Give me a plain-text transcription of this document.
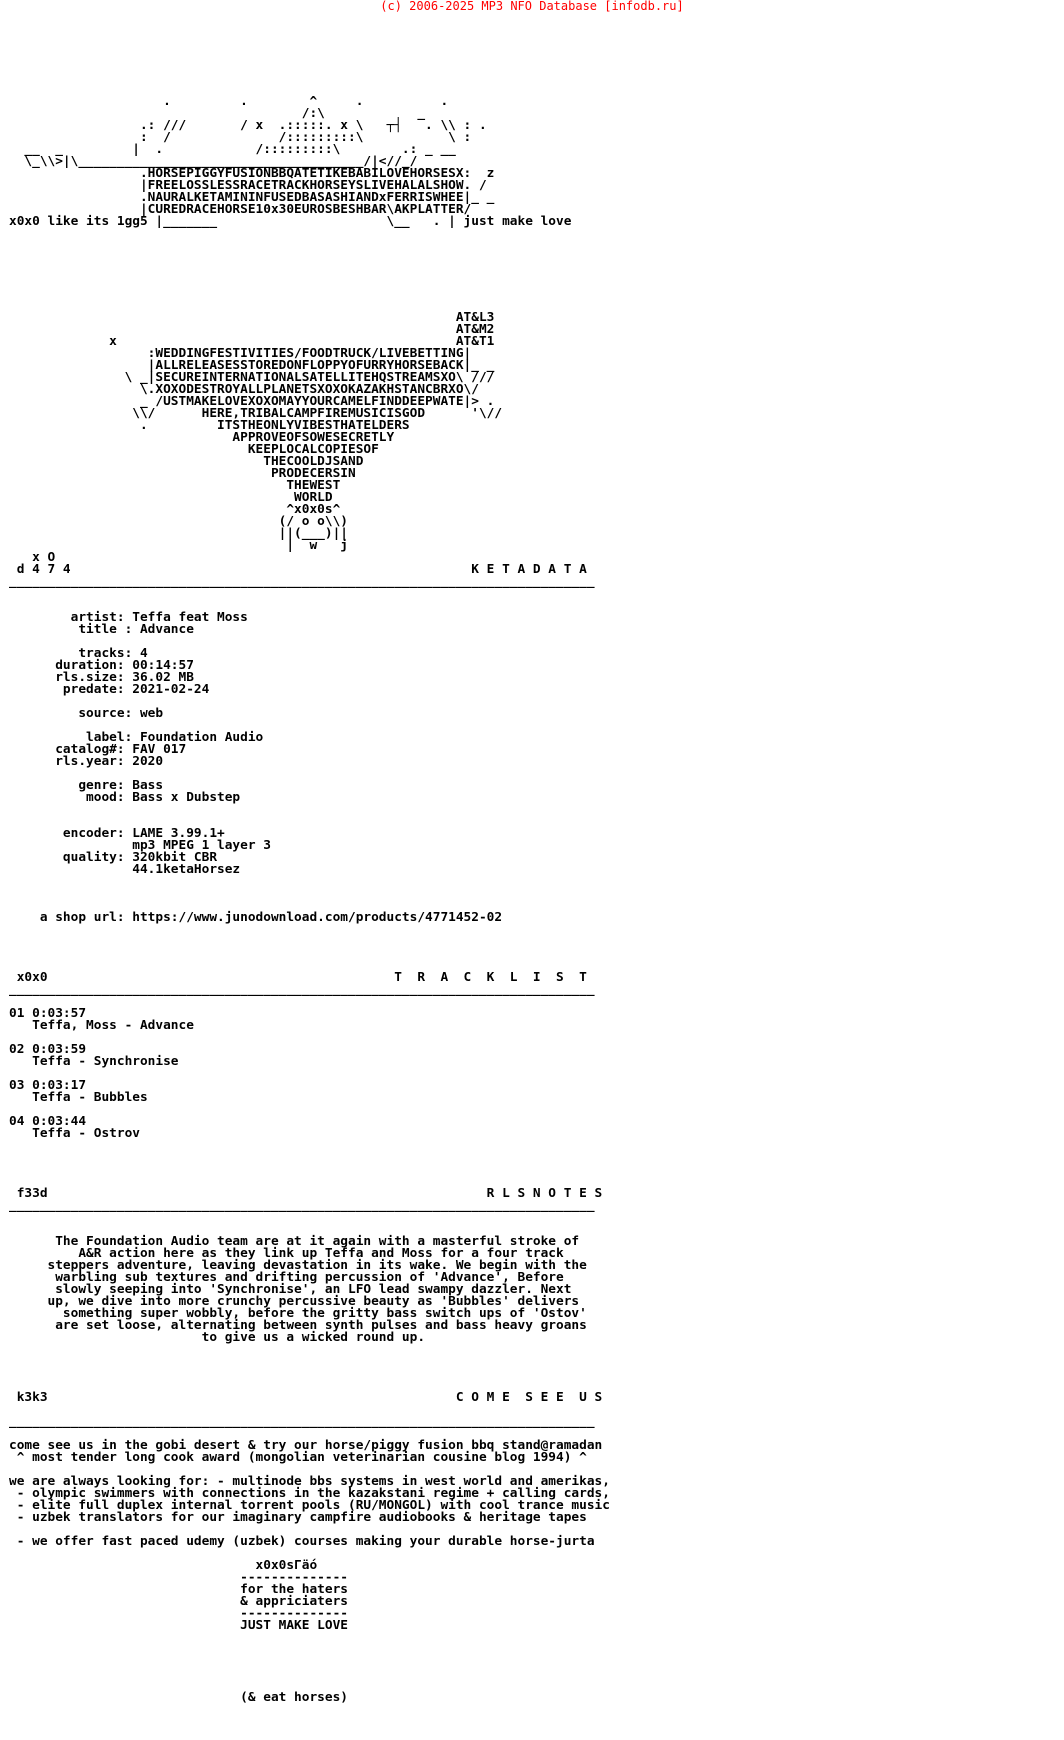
(c) 2006-2025 MP3 NFO Database [infodb.ru]

.         .        ^     .          .
/:\            _
.: ///       / x  .:::::. x \   ┬┤   . \\ : .
:  /              /:::::::::\           \ :
__  _         |  .            /:::::::::\        .: _ __
\_\\>|\_____________________________________/|<//_/
.HORSEPIGGYFUSIONBBQATETIKEBABILOVEHORSESX:  z
|FREELOSSLESSRACETRACKHORSEYSLIVEHALALSHOW. /
.NAURALKETAMININFUSEDBASASHIANDxFERRISWHEE|_ _
|CUREDRACEHORSE10x30EUROSBESHBAR\AKPLATTER/
x0x0 like its 1gg5 |_______                      \__   . | just make love

AT&L3
AT&M2
x                                            AT&T1
:WEDDINGFESTIVITIES/FOODTRUCK/LIVEBETTING|
|ALLRELEASESSTOREDONFLOPPYOFURRYHORSEBACK|_ _
\ _|SECUREINTERNATIONALSATELLITEHQSTREAMSXO\ ///
\.XOXODESTROYALLPLANETSXOXOKAZAKHSTANCBRXO\/
_ /USTMAKELOVEXOXOMAYYOURCAMELFINDDEEPWATE|> .
\\/      HERE,TRIBALCAMPFIREMUSICISGOD      '\//
.         ITSTHEONLYVIBESTHATELDERS
APPROVEOFSOWESECRETLY
KEEPLOCALCOPIESOF
THECOOLDJSAND
PRODECERSIN
THEWEST
WORLD
^x0x0s^
(/ o o\\)
||(___)||
|  w   j
x O
d 4 7 4                                                    K E T A D A T A
____________________________________________________________________________

artist: Teffa feat Moss
title : Advance

tracks: 4
duration: 00:14:57
rls.size: 36.02 MB
predate: 2021-02-24

source: web

label: Foundation Audio
catalog#: FAV 017
rls.year: 2020

genre: Bass
mood: Bass x Dubstep

encoder: LAME 3.99.1+
mp3 MPEG 1 layer 3
quality: 320kbit CBR
44.1ketaHorsez

a shop url: https://www.junodownload.com/products/4771452-02

x0x0                                             T  R  A  C  K  L  I  S  T
____________________________________________________________________________

01 0:03:57
Teffa, Moss - Advance

02 0:03:59
Teffa - Synchronise

03 0:03:17
Teffa - Bubbles

04 0:03:44
Teffa - Ostrov

f33d                                                         R L S N O T E S
____________________________________________________________________________

The Foundation Audio team are at it again with a masterful stroke of
A&R action here as they link up Teffa and Moss for a four track
steppers adventure, leaving devastation in its wake. We begin with the
warbling sub textures and drifting percussion of 'Advance', Before
slowly seeping into 'Synchronise', an LFO lead swampy dazzler. Next
up, we dive into more crunchy percussive beauty as 'Bubbles' delivers
something super wobbly, before the gritty bass switch ups of 'Ostov'
are set loose, alternating between synth pulses and bass heavy groans
to give us a wicked round up.

k3k3                                                     C O M E  S E E  U S

____________________________________________________________________________

come see us in the gobi desert & try our horse/piggy fusion bbq stand@ramadan
^ most tender long cook award (mongolian veterinarian cousine blog 1994) ^

we are always looking for: - multinode bbs systems in west world and amerikas,
- olympic swimmers with connections in the kazakstani regime + calling cards,
- elite full duplex internal torrent pools (RU/MONGOL) with cool trance music
- uzbek translators for our imaginary campfire audiobooks & heritage tapes

- we offer fast paced udemy (uzbek) courses making your durable horse-jurta

x0x0sГäó
--------------
for the haters
& appriciaters
--------------
JUST MAKE LOVE

(& eat horses)
